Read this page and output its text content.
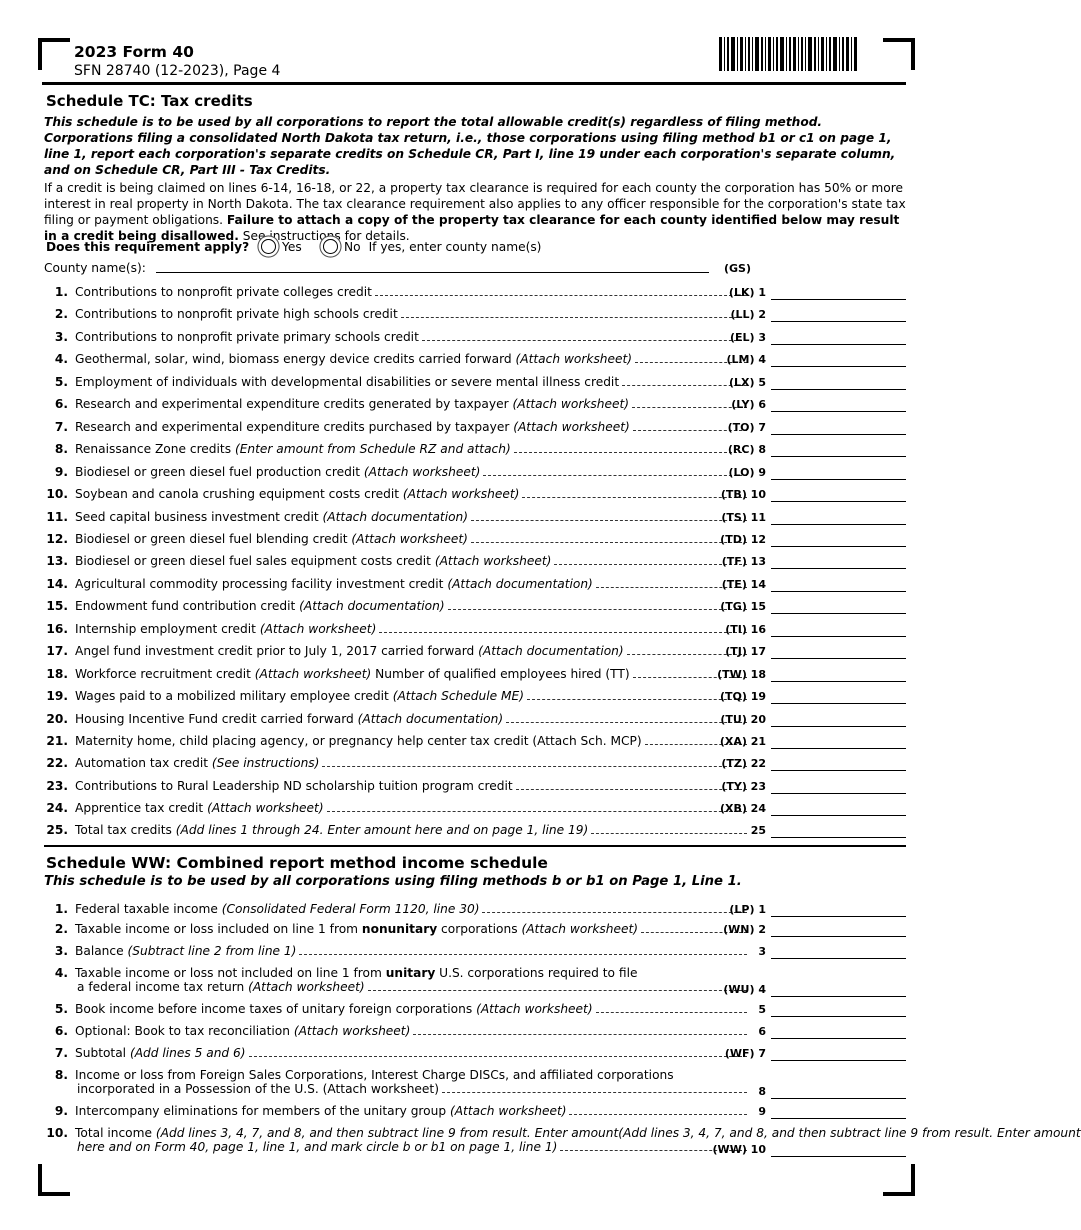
2023 Form 40
SFN 28740 (12-2023), Page 4
Schedule TC: Tax credits
This schedule is to be used by all corporations to report the total allowable credit(s) regardless of filing method. Corporations filing a consolidated North Dakota tax return, i.e., those corporations using filing method b1 or c1 on page 1, line 1, report each corporation's separate credits on Schedule CR, Part I, line 19 under each corporation's separate column, and on Schedule CR, Part III - Tax Credits.
If a credit is being claimed on lines 6-14, 16-18, or 22, a property tax clearance is required for each county the corporation has 50% or more interest in real property in North Dakota. The tax clearance requirement also applies to any officer responsible for the corporation's state tax filing or payment obligations. Failure to attach a copy of the property tax clearance for each county identified below may result in a credit being disallowed. See instructions for details.
Does this requirement apply?	Yes	No If yes, enter county name(s)
County name(s):	(GS)
1. Contributions to nonprofit private colleges credit	(LK) 1
2. Contributions to nonprofit private high schools credit	(LL) 2
3. Contributions to nonprofit private primary schools credit	(EL) 3
4. Geothermal, solar, wind, biomass energy device credits carried forward (Attach worksheet)	(LM) 4
5. Employment of individuals with developmental disabilities or severe mental illness credit	(LX) 5
6. Research and experimental expenditure credits generated by taxpayer (Attach worksheet)	(LY) 6
7. Research and experimental expenditure credits purchased by taxpayer (Attach worksheet)	(TO) 7
8. Renaissance Zone credits (Enter amount from Schedule RZ and attach)	(RC) 8
9. Biodiesel or green diesel fuel production credit (Attach worksheet)	(LO) 9
10. Soybean and canola crushing equipment costs credit (Attach worksheet)	(TB) 10
11. Seed capital business investment credit (Attach documentation)	(TS) 11
12. Biodiesel or green diesel fuel blending credit (Attach worksheet)	(TD) 12
13. Biodiesel or green diesel fuel sales equipment costs credit (Attach worksheet)	(TF) 13
14. Agricultural commodity processing facility investment credit (Attach documentation)	(TE) 14
15. Endowment fund contribution credit (Attach documentation)	(TG) 15
16. Internship employment credit (Attach worksheet)	(TI) 16
17. Angel fund investment credit prior to July 1, 2017 carried forward (Attach documentation)	(TJ) 17
18. Workforce recruitment credit (Attach worksheet) Number of qualified employees hired (TT)	(TW) 18
19. Wages paid to a mobilized military employee credit (Attach Schedule ME)	(TQ) 19
20. Housing Incentive Fund credit carried forward (Attach documentation)	(TU) 20
21. Maternity home, child placing agency, or pregnancy help center tax credit (Attach Sch. MCP)	(XA) 21
22. Automation tax credit (See instructions)	(TZ) 22
23. Contributions to Rural Leadership ND scholarship tuition program credit	(TY) 23
24. Apprentice tax credit (Attach worksheet)	(XB) 24
25. Total tax credits (Add lines 1 through 24. Enter amount here and on page 1, line 19)	25
Schedule WW: Combined report method income schedule
This schedule is to be used by all corporations using filing methods b or b1 on Page 1, Line 1.
1. Federal taxable income (Consolidated Federal Form 1120, line 30)	(LP) 1
2. Taxable income or loss included on line 1 from nonunitary corporations (Attach worksheet)	(WN) 2
3. Balance (Subtract line 2 from line 1)	3
4. Taxable income or loss not included on line 1 from unitary U.S. corporations required to file
a federal income tax return (Attach worksheet)	(WU) 4
5. Book income before income taxes of unitary foreign corporations (Attach worksheet)	5
6. Optional: Book to tax reconciliation (Attach worksheet)	6
7. Subtotal (Add lines 5 and 6)	(WF) 7
8. Income or loss from Foreign Sales Corporations, Interest Charge DISCs, and affiliated corporations
incorporated in a Possession of the U.S. (Attach worksheet)	8
9. Intercompany eliminations for members of the unitary group (Attach worksheet)	9
10. Total income (Add lines 3, 4, 7, and 8, and then subtract line 9 from result. Enter amount(Add lines 3, 4, 7, and 8, and then subtract line 9 from result. Enter amount
here and on Form 40, page 1, line 1, and mark circle b or b1 on page 1, line 1)	(WW) 10
